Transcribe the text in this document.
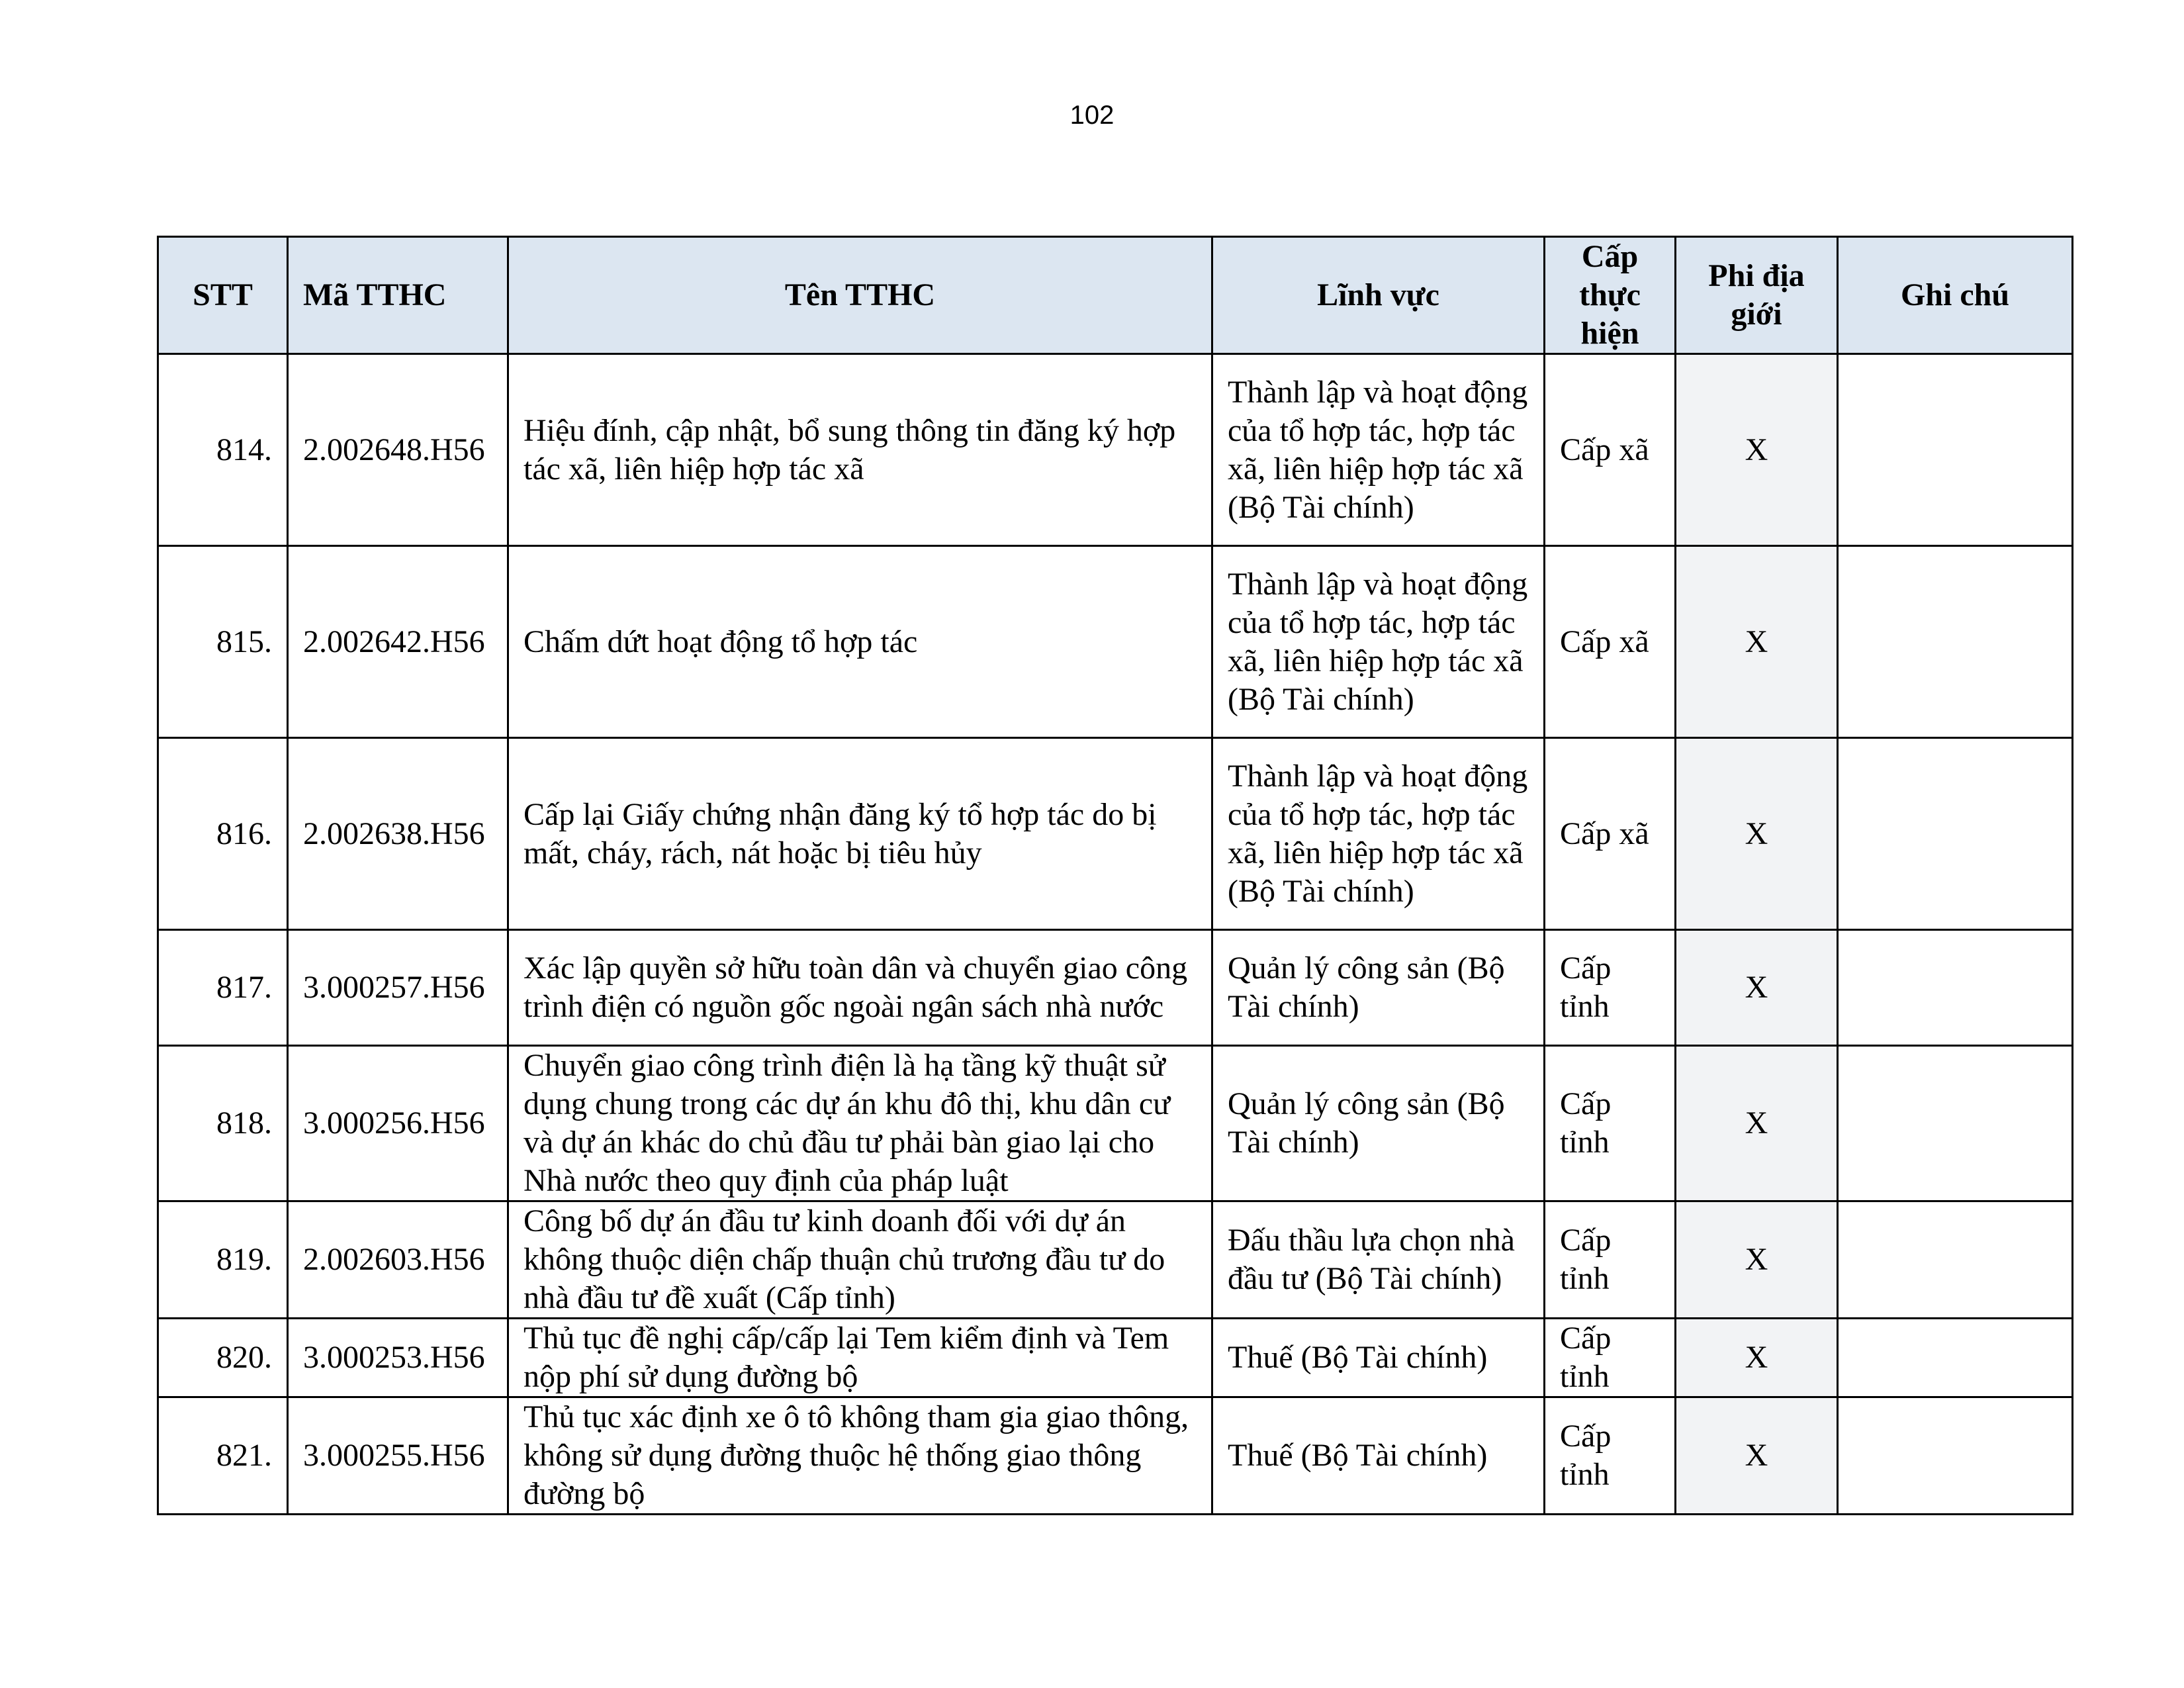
102
STT	Mã TTHC	Tên TTHC	Lĩnh vực	Cấp thực hiện	Phi địa giới	Ghi chú
814.	2.002648.H56	Hiệu đính, cập nhật, bổ sung thông tin đăng ký hợp tác xã, liên hiệp hợp tác xã	Thành lập và hoạt động của tổ hợp tác, hợp tác xã, liên hiệp hợp tác xã (Bộ Tài chính)	Cấp xã	X	
815.	2.002642.H56	Chấm dứt hoạt động tổ hợp tác	Thành lập và hoạt động của tổ hợp tác, hợp tác xã, liên hiệp hợp tác xã (Bộ Tài chính)	Cấp xã	X	
816.	2.002638.H56	Cấp lại Giấy chứng nhận đăng ký tổ hợp tác do bị mất, cháy, rách, nát hoặc bị tiêu hủy	Thành lập và hoạt động của tổ hợp tác, hợp tác xã, liên hiệp hợp tác xã (Bộ Tài chính)	Cấp xã	X	
817.	3.000257.H56	Xác lập quyền sở hữu toàn dân và chuyển giao công trình điện có nguồn gốc ngoài ngân sách nhà nước	Quản lý công sản (Bộ Tài chính)	Cấp tỉnh	X	
818.	3.000256.H56	Chuyển giao công trình điện là hạ tầng kỹ thuật sử dụng chung trong các dự án khu đô thị, khu dân cư và dự án khác do chủ đầu tư phải bàn giao lại cho Nhà nước theo quy định của pháp luật	Quản lý công sản (Bộ Tài chính)	Cấp tỉnh	X	
819.	2.002603.H56	Công bố dự án đầu tư kinh doanh đối với dự án không thuộc diện chấp thuận chủ trương đầu tư do nhà đầu tư đề xuất (Cấp tỉnh)	Đấu thầu lựa chọn nhà đầu tư (Bộ Tài chính)	Cấp tỉnh	X	
820.	3.000253.H56	Thủ tục đề nghị cấp/cấp lại Tem kiểm định và Tem nộp phí sử dụng đường bộ	Thuế (Bộ Tài chính)	Cấp tỉnh	X	
821.	3.000255.H56	Thủ tục xác định xe ô tô không tham gia giao thông, không sử dụng đường thuộc hệ thống giao thông đường bộ	Thuế (Bộ Tài chính)	Cấp tỉnh	X	
